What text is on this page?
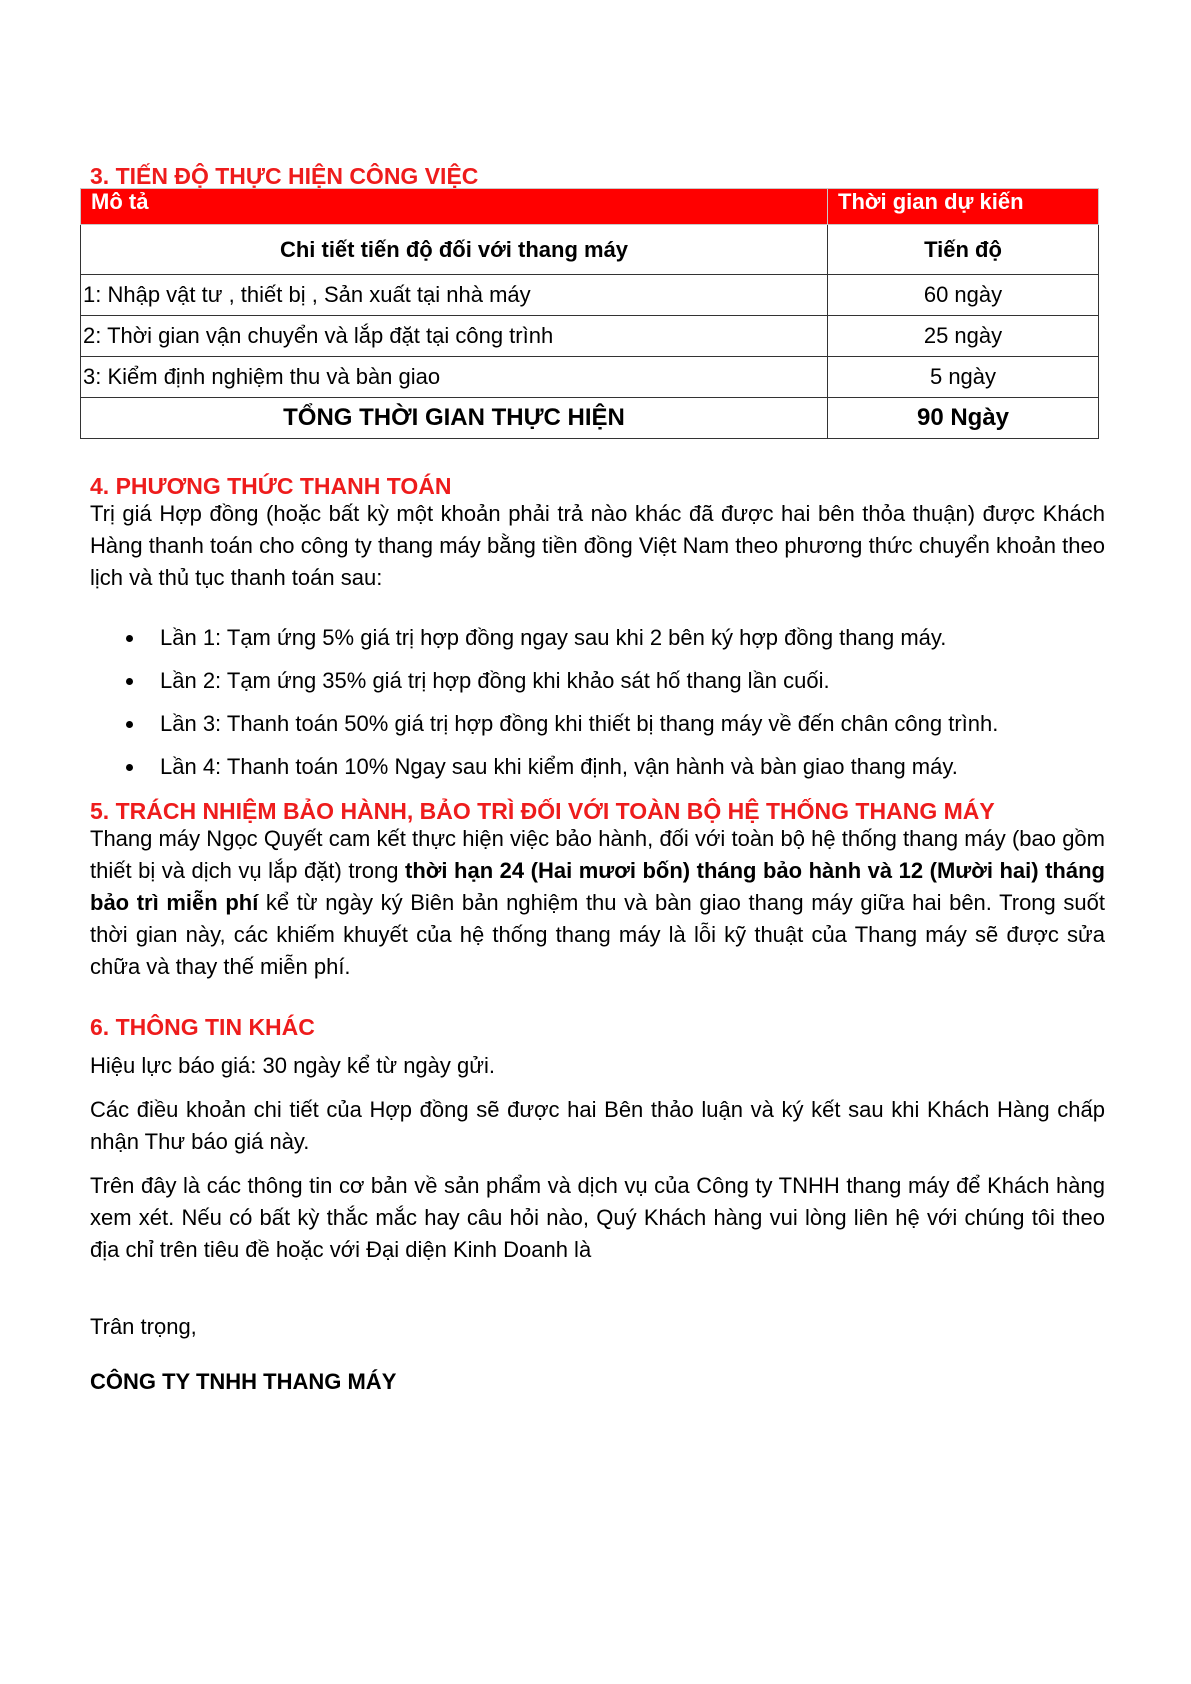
3. TIẾN ĐỘ THỰC HIỆN CÔNG VIỆC
Mô tả	Thời gian dự kiến
Chi tiết tiến độ đối với thang máy	Tiến độ
1: Nhập vật tư , thiết bị , Sản xuất tại nhà máy	60 ngày
2: Thời gian vận chuyển và lắp đặt tại công trình	25 ngày
3: Kiểm định nghiệm thu và bàn giao	5 ngày
TỔNG THỜI GIAN THỰC HIỆN	90 Ngày
4. PHƯƠNG THỨC THANH TOÁN
Trị giá Hợp đồng (hoặc bất kỳ một khoản phải trả nào khác đã được hai bên thỏa thuận) được Khách Hàng thanh toán cho công ty thang máy bằng tiền đồng Việt Nam theo phương thức chuyển khoản theo lịch và thủ tục thanh toán sau:
Lần 1: Tạm ứng 5% giá trị hợp đồng ngay sau khi 2 bên ký hợp đồng thang máy.
Lần 2: Tạm ứng 35% giá trị hợp đồng khi khảo sát hố thang lần cuối.
Lần 3: Thanh toán 50% giá trị hợp đồng khi thiết bị thang máy về đến chân công trình.
Lần 4: Thanh toán 10% Ngay sau khi kiểm định, vận hành và bàn giao thang máy.
5. TRÁCH NHIỆM BẢO HÀNH, BẢO TRÌ ĐỐI VỚI TOÀN BỘ HỆ THỐNG THANG MÁY
Thang máy Ngọc Quyết cam kết thực hiện việc bảo hành, đối với toàn bộ hệ thống thang máy (bao gồm thiết bị và dịch vụ lắp đặt) trong thời hạn 24 (Hai mươi bốn) tháng bảo hành và 12 (Mười hai) tháng bảo trì miễn phí kể từ ngày ký Biên bản nghiệm thu và bàn giao thang máy giữa hai bên. Trong suốt thời gian này, các khiếm khuyết của hệ thống thang máy là lỗi kỹ thuật của Thang máy sẽ được sửa chữa và thay thế miễn phí.
6. THÔNG TIN KHÁC
Hiệu lực báo giá: 30 ngày kể từ ngày gửi.
Các điều khoản chi tiết của Hợp đồng sẽ được hai Bên thảo luận và ký kết sau khi Khách Hàng chấp nhận Thư báo giá này.
Trên đây là các thông tin cơ bản về sản phẩm và dịch vụ của Công ty TNHH thang máy để Khách hàng xem xét. Nếu có bất kỳ thắc mắc hay câu hỏi nào, Quý Khách hàng vui lòng liên hệ với chúng tôi theo địa chỉ trên tiêu đề hoặc với Đại diện Kinh Doanh là
Trân trọng,
CÔNG TY TNHH THANG MÁY
